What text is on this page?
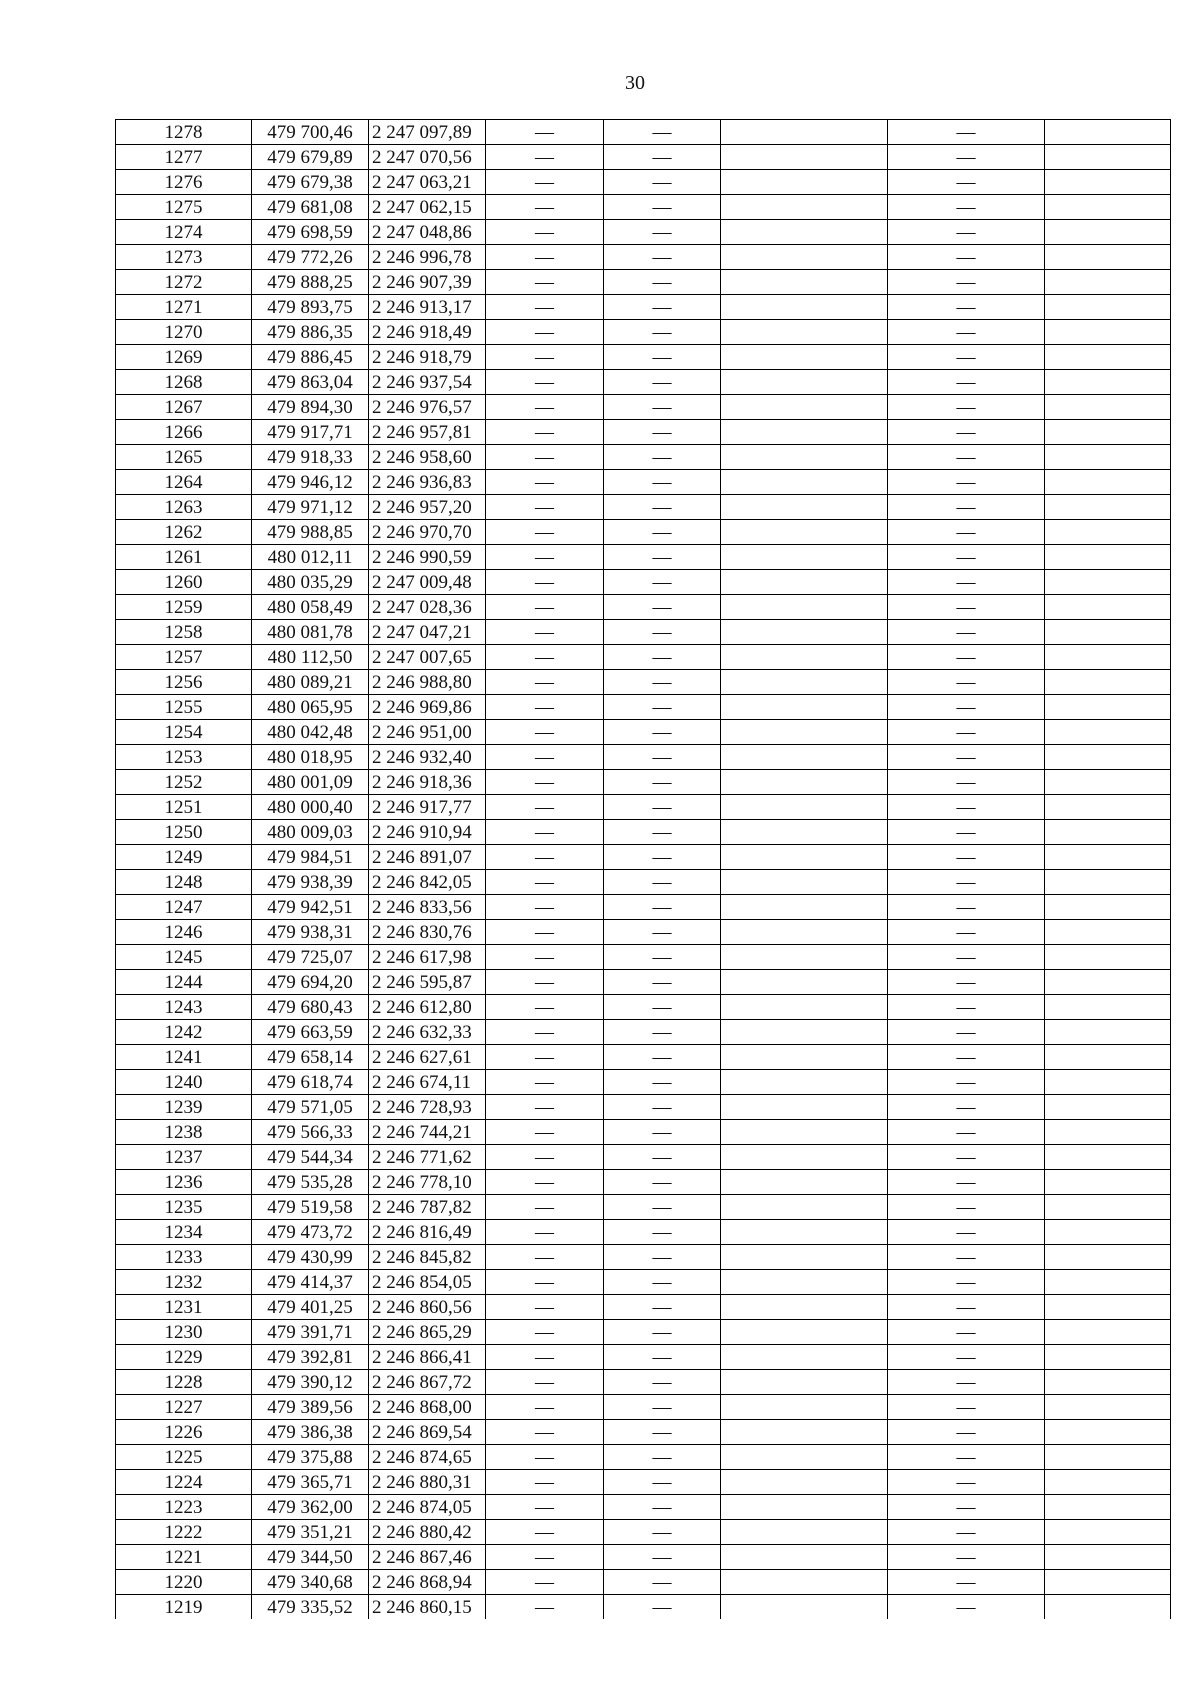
30
1278	479 700,46	2 247 097,89	—	—		—	
1277	479 679,89	2 247 070,56	—	—		—	
1276	479 679,38	2 247 063,21	—	—		—	
1275	479 681,08	2 247 062,15	—	—		—	
1274	479 698,59	2 247 048,86	—	—		—	
1273	479 772,26	2 246 996,78	—	—		—	
1272	479 888,25	2 246 907,39	—	—		—	
1271	479 893,75	2 246 913,17	—	—		—	
1270	479 886,35	2 246 918,49	—	—		—	
1269	479 886,45	2 246 918,79	—	—		—	
1268	479 863,04	2 246 937,54	—	—		—	
1267	479 894,30	2 246 976,57	—	—		—	
1266	479 917,71	2 246 957,81	—	—		—	
1265	479 918,33	2 246 958,60	—	—		—	
1264	479 946,12	2 246 936,83	—	—		—	
1263	479 971,12	2 246 957,20	—	—		—	
1262	479 988,85	2 246 970,70	—	—		—	
1261	480 012,11	2 246 990,59	—	—		—	
1260	480 035,29	2 247 009,48	—	—		—	
1259	480 058,49	2 247 028,36	—	—		—	
1258	480 081,78	2 247 047,21	—	—		—	
1257	480 112,50	2 247 007,65	—	—		—	
1256	480 089,21	2 246 988,80	—	—		—	
1255	480 065,95	2 246 969,86	—	—		—	
1254	480 042,48	2 246 951,00	—	—		—	
1253	480 018,95	2 246 932,40	—	—		—	
1252	480 001,09	2 246 918,36	—	—		—	
1251	480 000,40	2 246 917,77	—	—		—	
1250	480 009,03	2 246 910,94	—	—		—	
1249	479 984,51	2 246 891,07	—	—		—	
1248	479 938,39	2 246 842,05	—	—		—	
1247	479 942,51	2 246 833,56	—	—		—	
1246	479 938,31	2 246 830,76	—	—		—	
1245	479 725,07	2 246 617,98	—	—		—	
1244	479 694,20	2 246 595,87	—	—		—	
1243	479 680,43	2 246 612,80	—	—		—	
1242	479 663,59	2 246 632,33	—	—		—	
1241	479 658,14	2 246 627,61	—	—		—	
1240	479 618,74	2 246 674,11	—	—		—	
1239	479 571,05	2 246 728,93	—	—		—	
1238	479 566,33	2 246 744,21	—	—		—	
1237	479 544,34	2 246 771,62	—	—		—	
1236	479 535,28	2 246 778,10	—	—		—	
1235	479 519,58	2 246 787,82	—	—		—	
1234	479 473,72	2 246 816,49	—	—		—	
1233	479 430,99	2 246 845,82	—	—		—	
1232	479 414,37	2 246 854,05	—	—		—	
1231	479 401,25	2 246 860,56	—	—		—	
1230	479 391,71	2 246 865,29	—	—		—	
1229	479 392,81	2 246 866,41	—	—		—	
1228	479 390,12	2 246 867,72	—	—		—	
1227	479 389,56	2 246 868,00	—	—		—	
1226	479 386,38	2 246 869,54	—	—		—	
1225	479 375,88	2 246 874,65	—	—		—	
1224	479 365,71	2 246 880,31	—	—		—	
1223	479 362,00	2 246 874,05	—	—		—	
1222	479 351,21	2 246 880,42	—	—		—	
1221	479 344,50	2 246 867,46	—	—		—	
1220	479 340,68	2 246 868,94	—	—		—	
1219	479 335,52	2 246 860,15	—	—		—	
